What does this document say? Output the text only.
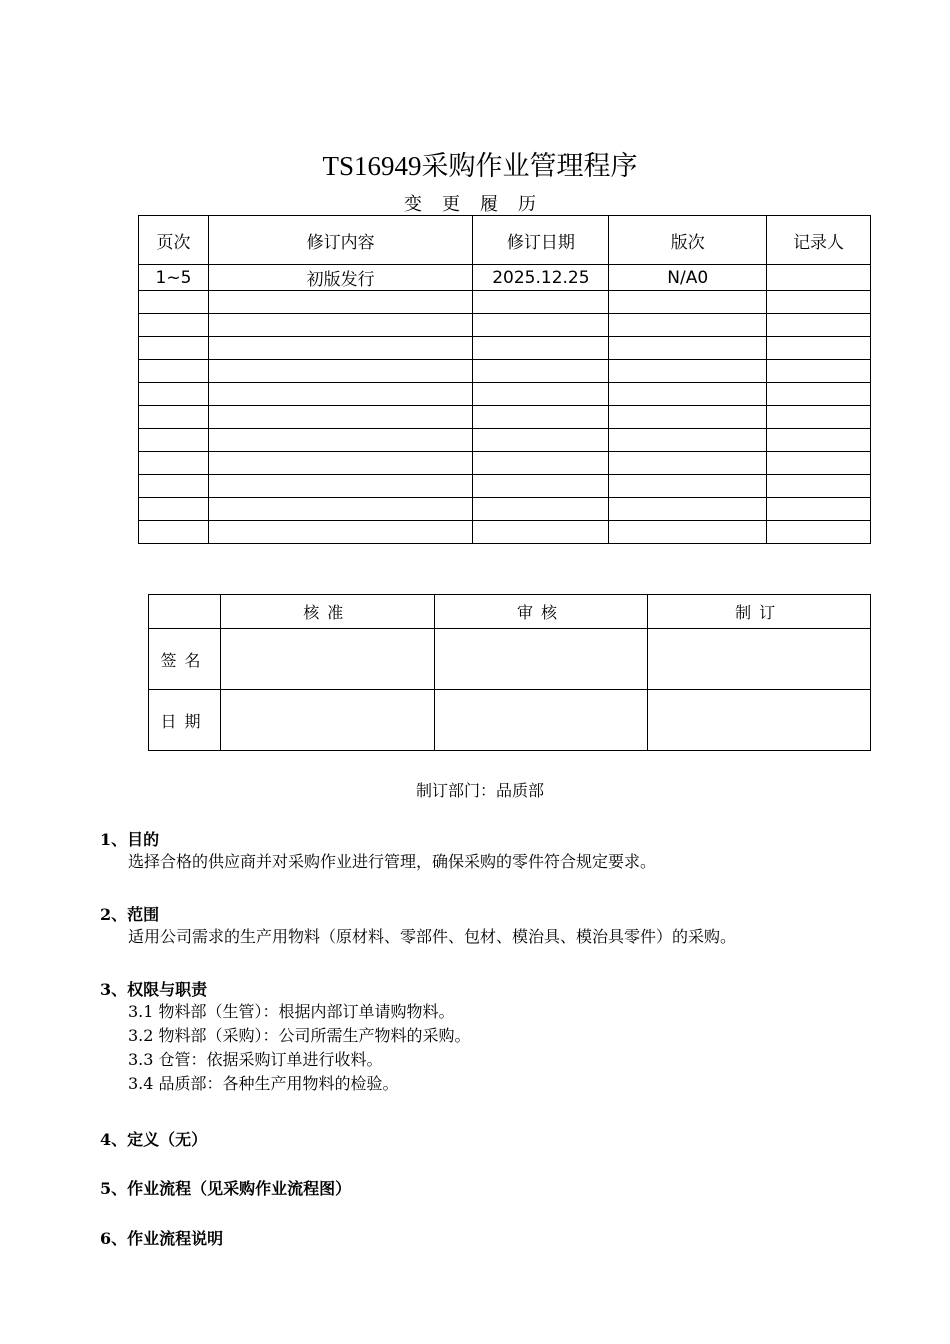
TS16949采购作业管理程序
变更履历
页次	修订内容	修订日期	版次	记录人
1~5	初版发行	2025.12.25	N/A0	

	核准	审核	制订
签名			
日期			
制订部门：品质部
1、目的
选择合格的供应商并对采购作业进行管理，确保采购的零件符合规定要求。
2、范围
适用公司需求的生产用物料（原材料、零部件、包材、模治具、模治具零件）的采购。
3、权限与职责
3.1 物料部（生管）：根据内部订单请购物料。
3.2 物料部（采购）：公司所需生产物料的采购。
3.3 仓管：依据采购订单进行收料。
3.4 品质部：各种生产用物料的检验。
4、定义（无）
5、作业流程（见采购作业流程图）
6、作业流程说明
